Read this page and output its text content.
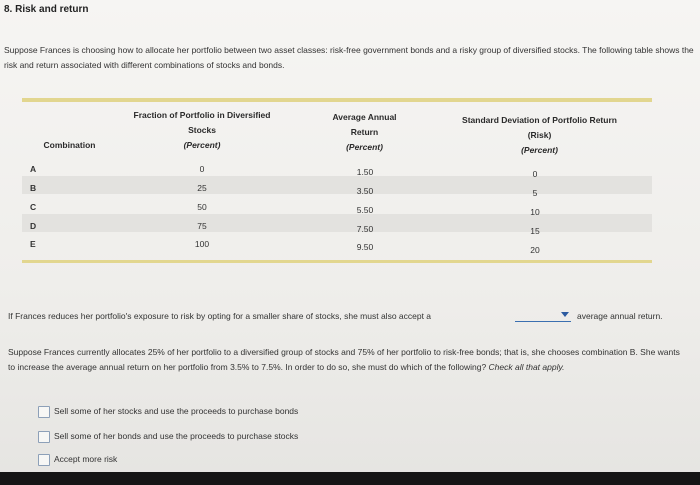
8. Risk and return
Suppose Frances is choosing how to allocate her portfolio between two asset classes: risk-free government bonds and a risky group of diversified stocks. The following table shows the risk and return associated with different combinations of stocks and bonds.
Combination
Fraction of Portfolio in Diversified
Stocks
(Percent)
Average Annual
Return
(Percent)
Standard Deviation of Portfolio Return
(Risk)
(Percent)
A	0	1.50	0
B	25	3.50	5
C	50	5.50	10
D	75	7.50	15
E	100	9.50	20
If Frances reduces her portfolio's exposure to risk by opting for a smaller share of stocks, she must also accept a	average annual return.
Suppose Frances currently allocates 25% of her portfolio to a diversified group of stocks and 75% of her portfolio to risk-free bonds; that is, she chooses combination B. She wants to increase the average annual return on her portfolio from 3.5% to 7.5%. In order to do so, she must do which of the following? Check all that apply.
Sell some of her stocks and use the proceeds to purchase bonds
Sell some of her bonds and use the proceeds to purchase stocks
Accept more risk
